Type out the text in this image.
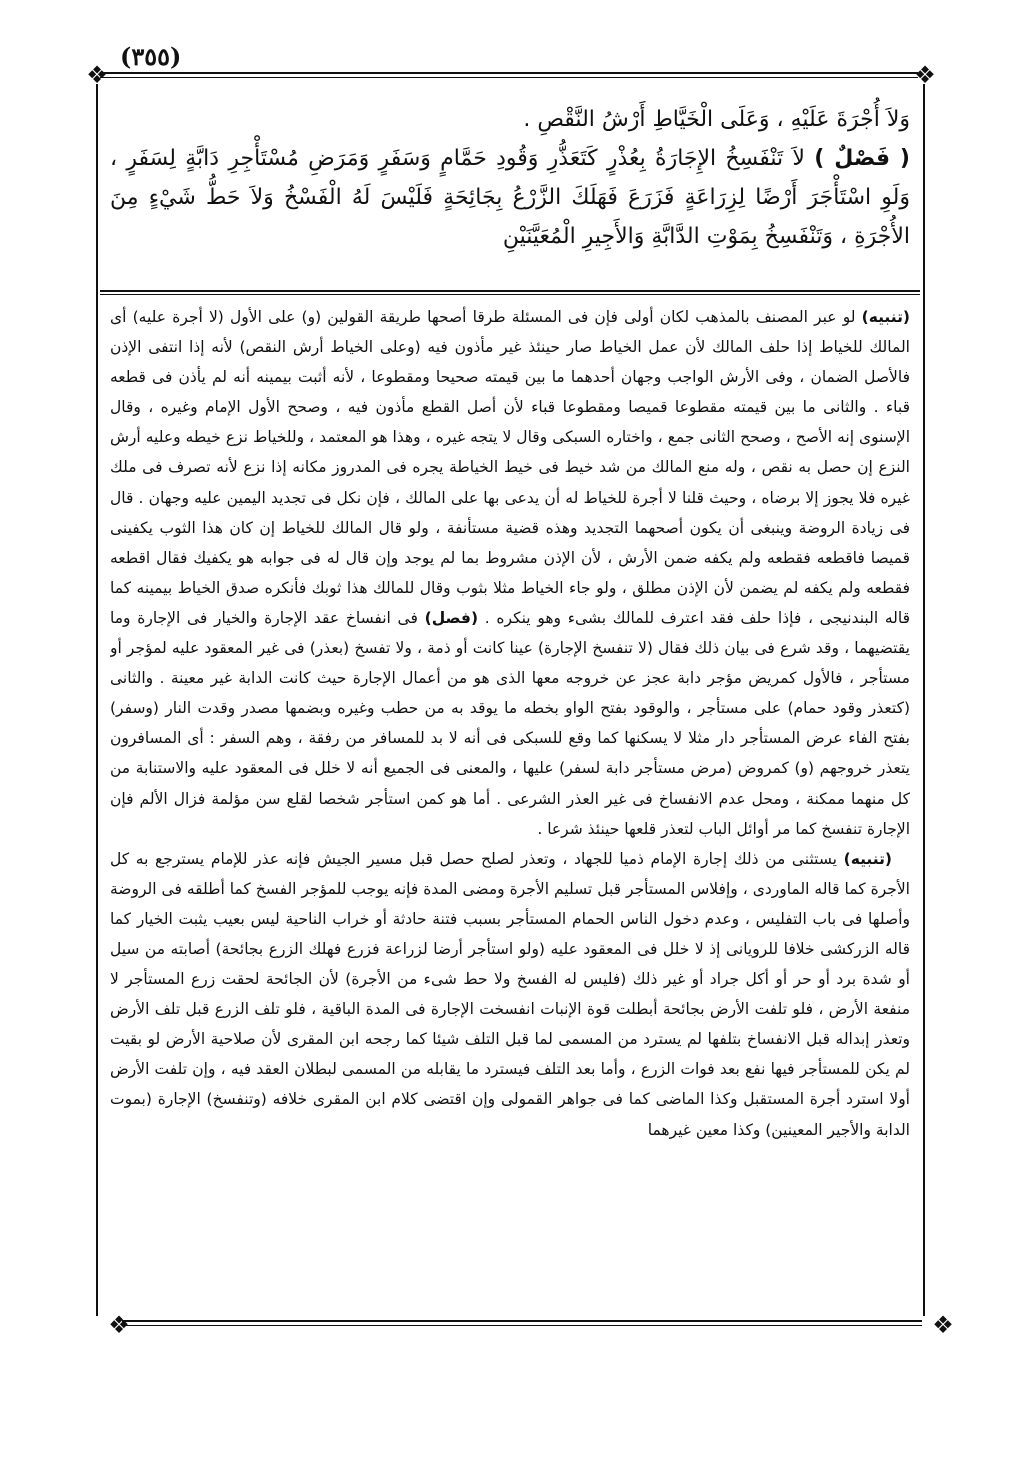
(٣٥٥)
❖	❖
❖	❖

وَلاَ أُجْرَةَ عَلَيْهِ ، وَعَلَى الْخَيَّاطِ أَرْشُ النَّقْصِ .

( فَصْلٌ ) لاَ تَنْفَسِخُ الإِجَارَةُ بِعُذْرٍ كَتَعَذُّرِ وَقُودِ حَمَّامٍ وَسَفَرٍ وَمَرَضِ مُسْتَأْجِرِ دَابَّةٍ لِسَفَرٍ ، وَلَوِ اسْتَأْجَرَ أَرْضًا لِزِرَاعَةٍ فَزَرَعَ فَهَلَكَ الزَّرْعُ بِجَائِحَةٍ فَلَيْسَ لَهُ الْفَسْخُ وَلاَ حَطُّ شَيْءٍ مِنَ الأُجْرَةِ ، وَتَنْفَسِخُ بِمَوْتِ الدَّابَّةِ وَالأَجِيرِ الْمُعَيَّنَيْنِ

(تنبيه) لو عبر المصنف بالمذهب لكان أولى فإن فى المسئلة طرقا أصحها طريقة القولين (و) على الأول (لا أجرة عليه) أى المالك للخياط إذا حلف المالك لأن عمل الخياط صار حينئذ غير مأذون فيه (وعلى الخياط أرش النقص) لأنه إذا انتفى الإذن فالأصل الضمان ، وفى الأرش الواجب وجهان أحدهما ما بين قيمته صحيحا ومقطوعا ، لأنه أثبت بيمينه أنه لم يأذن فى قطعه قباء . والثانى ما بين قيمته مقطوعا قميصا ومقطوعا قباء لأن أصل القطع مأذون فيه ، وصحح الأول الإمام وغيره ، وقال الإسنوى إنه الأصح ، وصحح الثانى جمع ، واختاره السبكى وقال لا يتجه غيره ، وهذا هو المعتمد ، وللخياط نزع خيطه وعليه أرش النزع إن حصل به نقص ، وله منع المالك من شد خيط فى خيط الخياطة يجره فى المدروز مكانه إذا نزع لأنه تصرف فى ملك غيره فلا يجوز إلا برضاه ، وحيث قلنا لا أجرة للخياط له أن يدعى بها على المالك ، فإن نكل فى تجديد اليمين عليه وجهان . قال فى زيادة الروضة وينبغى أن يكون أصحهما التجديد وهذه قضية مستأنفة ، ولو قال المالك للخياط إن كان هذا الثوب يكفينى قميصا فاقطعه فقطعه ولم يكفه ضمن الأرش ، لأن الإذن مشروط بما لم يوجد وإن قال له فى جوابه هو يكفيك فقال اقطعه فقطعه ولم يكفه لم يضمن لأن الإذن مطلق ، ولو جاء الخياط مثلا بثوب وقال للمالك هذا ثوبك فأنكره صدق الخياط بيمينه كما قاله البندنيجى ، فإذا حلف فقد اعترف للمالك بشىء وهو ينكره . (فصل) فى انفساخ عقد الإجارة والخيار فى الإجارة وما يقتضيهما ، وقد شرع فى بيان ذلك فقال (لا تنفسخ الإجارة) عينا كانت أو ذمة ، ولا تفسخ (بعذر) فى غير المعقود عليه لمؤجر أو مستأجر ، فالأول كمريض مؤجر دابة عجز عن خروجه معها الذى هو من أعمال الإجارة حيث كانت الدابة غير معينة . والثانى (كتعذر وقود حمام) على مستأجر ، والوقود بفتح الواو بخطه ما يوقد به من حطب وغيره وبضمها مصدر وقدت النار (وسفر) بفتح الفاء عرض المستأجر دار مثلا لا يسكنها كما وقع للسبكى فى أنه لا بد للمسافر من رفقة ، وهم السفر : أى المسافرون يتعذر خروجهم (و) كمروض (مرض مستأجر دابة لسفر) عليها ، والمعنى فى الجميع أنه لا خلل فى المعقود عليه والاستنابة من كل منهما ممكنة ، ومحل عدم الانفساخ فى غير العذر الشرعى . أما هو كمن استأجر شخصا لقلع سن مؤلمة فزال الألم فإن الإجارة تنفسخ كما مر أوائل الباب لتعذر قلعها حينئذ شرعا .

(تنبيه) يستثنى من ذلك إجارة الإمام ذميا للجهاد ، وتعذر لصلح حصل قبل مسير الجيش فإنه عذر للإمام يسترجع به كل الأجرة كما قاله الماوردى ، وإفلاس المستأجر قبل تسليم الأجرة ومضى المدة فإنه يوجب للمؤجر الفسخ كما أطلقه فى الروضة وأصلها فى باب التفليس ، وعدم دخول الناس الحمام المستأجر بسبب فتنة حادثة أو خراب الناحية ليس بعيب يثبت الخيار كما قاله الزركشى خلافا للرويانى إذ لا خلل فى المعقود عليه (ولو استأجر أرضا لزراعة فزرع فهلك الزرع بجائحة) أصابته من سيل أو شدة برد أو حر أو أكل جراد أو غير ذلك (فليس له الفسخ ولا حط شىء من الأجرة) لأن الجائحة لحقت زرع المستأجر لا منفعة الأرض ، فلو تلفت الأرض بجائحة أبطلت قوة الإنبات انفسخت الإجارة فى المدة الباقية ، فلو تلف الزرع قبل تلف الأرض وتعذر إبداله قبل الانفساخ بتلفها لم يسترد من المسمى لما قبل التلف شيئا كما رجحه ابن المقرى لأن صلاحية الأرض لو بقيت لم يكن للمستأجر فيها نفع بعد فوات الزرع ، وأما بعد التلف فيسترد ما يقابله من المسمى لبطلان العقد فيه ، وإن تلفت الأرض أولا استرد أجرة المستقبل وكذا الماضى كما فى جواهر القمولى وإن اقتضى كلام ابن المقرى خلافه (وتنفسخ) الإجارة (بموت الدابة والأجير المعينين) وكذا معين غيرهما
